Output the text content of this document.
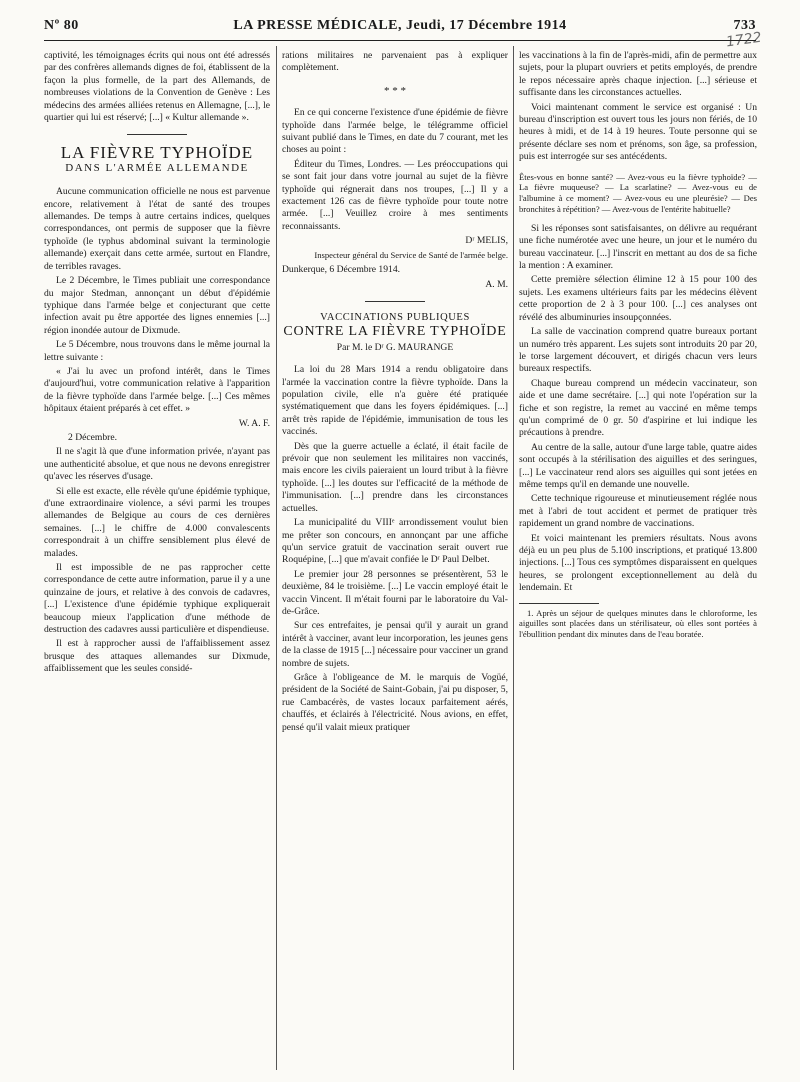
Nº 80	LA PRESSE MÉDICALE, Jeudi, 17 Décembre 1914	733
1722

captivité, les témoignages écrits qui nous ont été adressés par des confrères allemands dignes de foi, établissent de la façon la plus formelle, de la part des Allemands, de nombreuses violations de la Convention de Genève : Les médecins des armées alliées retenus en Allemagne, [...], le quartier qui lui est réservé; [...] « Kultur allemande ».

LA FIÈVRE TYPHOÏDE

DANS L'ARMÉE ALLEMANDE

Aucune communication officielle ne nous est parvenue encore, relativement à l'état de santé des troupes allemandes. De temps à autre certains indices, quelques correspondances, ont permis de supposer que la fièvre typhoïde (le typhus abdominal suivant la terminologie allemande) exerçait dans cette armée, surtout en Flandre, de terribles ravages.

Le 2 Décembre, le Times publiait une correspondance du major Stedman, annonçant un début d'épidémie typhique dans l'armée belge et conjecturant que cette infection avait pu être apportée des lignes ennemies [...] région inondée autour de Dixmude.

Le 5 Décembre, nous trouvons dans le même journal la lettre suivante :

« J'ai lu avec un profond intérêt, dans le Times d'aujourd'hui, votre communication relative à l'apparition de la fièvre typhoïde dans l'armée belge. [...] Ces mêmes hôpitaux étaient préparés à cet effet. »

W. A. F.

2 Décembre.

Il ne s'agit là que d'une information privée, n'ayant pas une authenticité absolue, et que nous ne devons enregistrer qu'avec les réserves d'usage.

Si elle est exacte, elle révèle qu'une épidémie typhique, d'une extraordinaire violence, a sévi parmi les troupes allemandes de Belgique au cours de ces dernières semaines. [...] le chiffre de 4.000 convalescents correspondrait à un chiffre sensiblement plus élevé de malades.

Il est impossible de ne pas rapprocher cette correspondance de cette autre information, parue il y a une quinzaine de jours, et relative à des convois de cadavres, [...] L'existence d'une épidémie typhique expliquerait beaucoup mieux l'application d'une méthode de destruction des cadavres aussi particulière et dispendieuse.

Il est à rapprocher aussi de l'affaiblissement assez brusque des attaques allemandes sur Dixmude, affaiblissement que les seules considé-

rations militaires ne parvenaient pas à expliquer complètement.

* * *

En ce qui concerne l'existence d'une épidémie de fièvre typhoïde dans l'armée belge, le télégramme officiel suivant publié dans le Times, en date du 7 courant, met les choses au point :

Éditeur du Times, Londres. — Les préoccupations qui se sont fait jour dans votre journal au sujet de la fièvre typhoïde qui régnerait dans nos troupes, [...] Il y a exactement 126 cas de fièvre typhoïde pour toute notre armée. [...] Veuillez croire à mes sentiments reconnaissants.

Dʳ MELIS,

Inspecteur général du Service de Santé de l'armée belge.

Dunkerque, 6 Décembre 1914.

A. M.

VACCINATIONS PUBLIQUES

CONTRE LA FIÈVRE TYPHOÏDE

Par M. le Dʳ G. MAURANGE

La loi du 28 Mars 1914 a rendu obligatoire dans l'armée la vaccination contre la fièvre typhoïde. Dans la population civile, elle n'a guère été pratiquée systématiquement que dans les foyers épidémiques. [...] arrêt très rapide de l'épidémie, immunisation de tous les vaccinés.

Dès que la guerre actuelle a éclaté, il était facile de prévoir que non seulement les militaires non vaccinés, mais encore les civils paieraient un lourd tribut à la fièvre typhoïde. [...] les doutes sur l'efficacité de la méthode de l'immunisation. [...] prendre dans les circonstances actuelles.

La municipalité du VIIIᵉ arrondissement voulut bien me prêter son concours, en annonçant par une affiche qu'un service gratuit de vaccination serait ouvert rue Roquépine, [...] que m'avait confiée le Dʳ Paul Delbet.

Le premier jour 28 personnes se présentèrent, 53 le deuxième, 84 le troisième. [...] Le vaccin employé était le vaccin Vincent. Il m'était fourni par le laboratoire du Val-de-Grâce.

Sur ces entrefaites, je pensai qu'il y aurait un grand intérêt à vacciner, avant leur incorporation, les jeunes gens de la classe de 1915 [...] nécessaire pour vacciner un grand nombre de sujets.

Grâce à l'obligeance de M. le marquis de Vogüé, président de la Société de Saint-Gobain, j'ai pu disposer, 5, rue Cambacérès, de vastes locaux parfaitement aérés, chauffés, et éclairés à l'électricité. Nous avions, en effet, pensé qu'il valait mieux pratiquer

les vaccinations à la fin de l'après-midi, afin de permettre aux sujets, pour la plupart ouvriers et petits employés, de prendre le repos nécessaire après chaque injection. [...] sérieuse et suffisante dans les circonstances actuelles.

Voici maintenant comment le service est organisé : Un bureau d'inscription est ouvert tous les jours non fériés, de 10 heures à midi, et de 14 à 19 heures. Toute personne qui se présente déclare ses nom et prénoms, son âge, sa profession, puis est interrogée sur ses antécédents.

Êtes-vous en bonne santé? — Avez-vous eu la fièvre typhoïde? — La fièvre muqueuse? — La scarlatine? — Avez-vous eu de l'albumine à ce moment? — Avez-vous eu une pleurésie? — Des bronchites à répétition? — Avez-vous de l'entérite habituelle?

Si les réponses sont satisfaisantes, on délivre au requérant une fiche numérotée avec une heure, un jour et le numéro du bureau vaccinateur. [...] l'inscrit en mettant au dos de sa fiche la mention : A examiner.

Cette première sélection élimine 12 à 15 pour 100 des sujets. Les examens ultérieurs faits par les médecins élèvent cette proportion de 2 à 3 pour 100. [...] ces analyses ont révélé des albuminuries insoupçonnées.

La salle de vaccination comprend quatre bureaux portant un numéro très apparent. Les sujets sont introduits 20 par 20, le torse largement découvert, et dirigés chacun vers leurs bureaux respectifs.

Chaque bureau comprend un médecin vaccinateur, son aide et une dame secrétaire. [...] qui note l'opération sur la fiche et son registre, la remet au vacciné en même temps qu'un comprimé de 0 gr. 50 d'aspirine et lui indique les précautions à prendre.

Au centre de la salle, autour d'une large table, quatre aides sont occupés à la stérilisation des aiguilles et des seringues, [...] Le vaccinateur rend alors ses aiguilles qui sont jetées en même temps qu'il en demande une nouvelle.

Cette technique rigoureuse et minutieusement réglée nous met à l'abri de tout accident et permet de pratiquer très rapidement un grand nombre de vaccinations.

Et voici maintenant les premiers résultats. Nous avons déjà eu un peu plus de 5.100 inscriptions, et pratiqué 13.800 injections. [...] Tous ces symptômes disparaissent en quelques heures, se prolongent exceptionnellement au delà du lendemain. Et

1. Après un séjour de quelques minutes dans le chloroforme, les aiguilles sont placées dans un stérilisateur, où elles sont portées à l'ébullition pendant dix minutes dans de l'eau boratée.
